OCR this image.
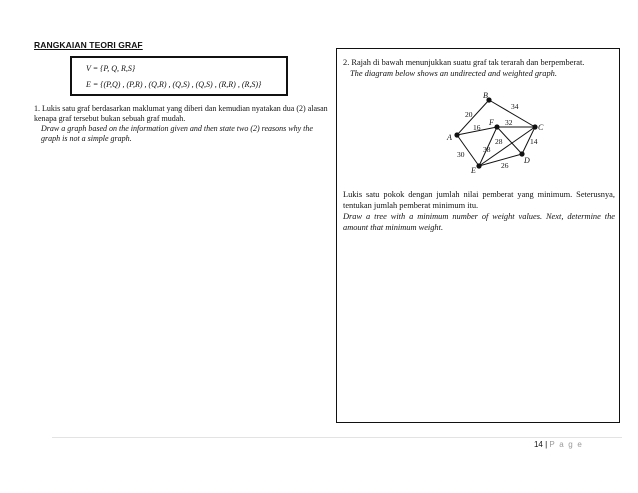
RANGKAIAN TEORI GRAF
V = {P, Q, R,S}
E = {(P,Q) , (P,R) , (Q,R) , (Q,S) , (Q,S) , (R,R) , (R,S)}
1. Lukis satu graf berdasarkan maklumat yang diberi dan kemudian nyatakan dua (2) alasan kenapa graf tersebut bukan sebuah graf mudah.
Draw a graph based on the information given and then state two (2) reasons why the graph is not a simple graph.
2. Rajah di bawah menunjukkan suatu graf tak terarah dan berpemberat.
The diagram below shows an undirected and weighted graph.
A
B
C
D
E
F
20
34
16
32
28	14
30
38
26
Lukis satu pokok dengan jumlah nilai pemberat yang minimum. Seterusnya, tentukan jumlah pemberat minimum itu.
Draw a tree with a minimum number of weight values. Next, determine the amount that minimum weight.
14 | P a g e
